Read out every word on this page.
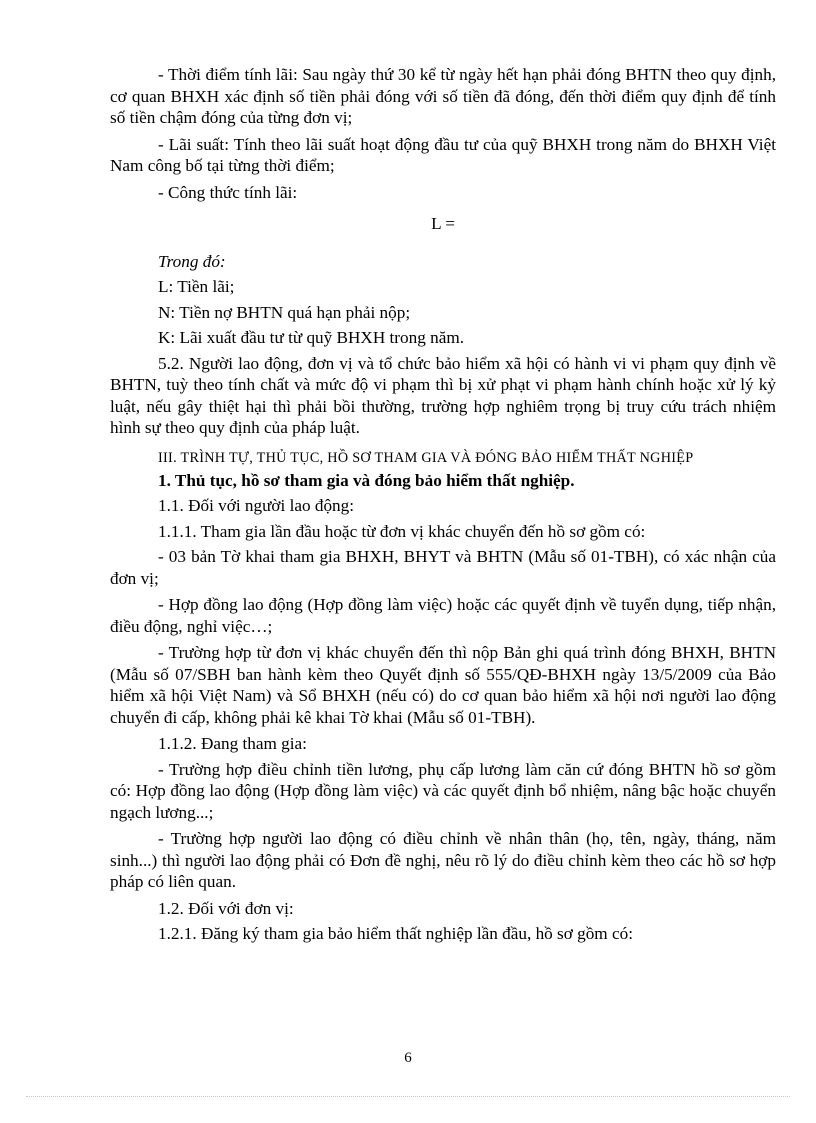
- Thời điểm tính lãi: Sau ngày thứ 30 kể từ ngày hết hạn phải đóng BHTN theo quy định, cơ quan BHXH xác định số tiền phải đóng với số tiền đã đóng, đến thời điểm quy định để tính số tiền chậm đóng của từng đơn vị;

- Lãi suất: Tính theo lãi suất hoạt động đầu tư của quỹ BHXH trong năm do BHXH Việt Nam công bố tại từng thời điểm;

- Công thức tính lãi:

L =

Trong đó:

L: Tiền lãi;

N: Tiền nợ BHTN quá hạn phải nộp;

K: Lãi xuất đầu tư từ quỹ BHXH trong năm.

5.2. Người lao động, đơn vị và tổ chức bảo hiểm xã hội có hành vi vi phạm quy định về BHTN, tuỳ theo tính chất và mức độ vi phạm thì bị xử phạt vi phạm hành chính hoặc xử lý kỷ luật, nếu gây thiệt hại thì phải bồi thường, trường hợp nghiêm trọng bị truy cứu trách nhiệm hình sự theo quy định của pháp luật.

III. TRÌNH TỰ, THỦ TỤC, HỒ SƠ THAM GIA VÀ ĐÓNG BẢO HIỂM THẤT NGHIỆP

1. Thủ tục, hồ sơ tham gia và đóng bảo hiểm thất nghiệp.

1.1. Đối với người lao động:

1.1.1. Tham gia lần đầu hoặc từ đơn vị khác chuyển đến hồ sơ gồm có:

- 03 bản Tờ khai tham gia BHXH, BHYT và BHTN (Mẫu số 01-TBH), có xác nhận của đơn vị;

- Hợp đồng lao động (Hợp đồng làm việc) hoặc các quyết định về tuyển dụng, tiếp nhận, điều động, nghỉ việc…;

- Trường hợp từ đơn vị khác chuyển đến thì nộp Bản ghi quá trình đóng BHXH, BHTN (Mẫu số 07/SBH ban hành kèm theo Quyết định số 555/QĐ-BHXH ngày 13/5/2009 của Bảo hiểm xã hội Việt Nam) và Sổ BHXH (nếu có) do cơ quan bảo hiểm xã hội nơi người lao động chuyển đi cấp, không phải kê khai Tờ khai (Mẫu số 01-TBH).

1.1.2. Đang tham gia:

- Trường hợp điều chỉnh tiền lương, phụ cấp lương làm căn cứ đóng BHTN hồ sơ gồm có: Hợp đồng lao động (Hợp đồng làm việc) và các quyết định bổ nhiệm, nâng bậc hoặc chuyển ngạch lương...;

- Trường hợp người lao động có điều chỉnh về nhân thân (họ, tên, ngày, tháng, năm sinh...) thì người lao động phải có Đơn đề nghị, nêu rõ lý do điều chỉnh kèm theo các hồ sơ hợp pháp có liên quan.

1.2. Đối với đơn vị:

1.2.1. Đăng ký tham gia bảo hiểm thất nghiệp lần đầu, hồ sơ gồm có:

6
